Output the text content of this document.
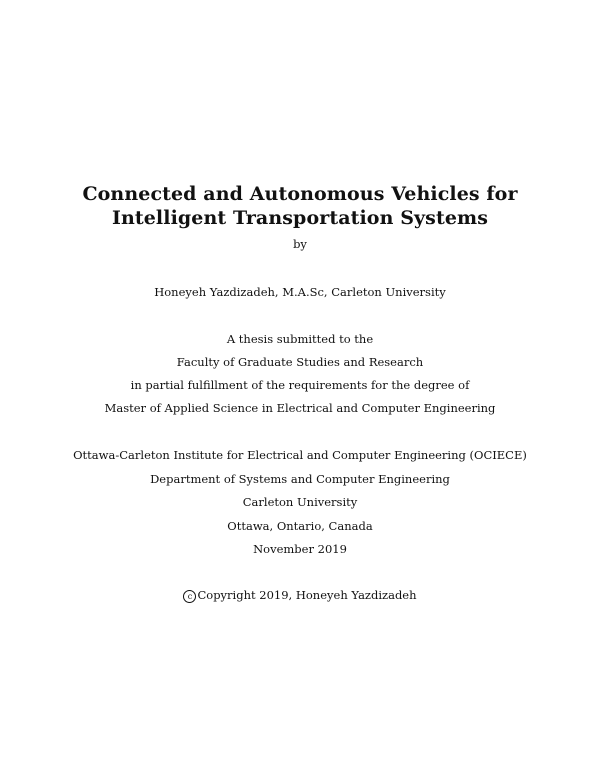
Connected and Autonomous Vehicles for
Intelligent Transportation Systems
by
Honeyeh Yazdizadeh, M.A.Sc, Carleton University
A thesis submitted to the
Faculty of Graduate Studies and Research
in partial fulfillment of the requirements for the degree of
Master of Applied Science in Electrical and Computer Engineering
Ottawa-Carleton Institute for Electrical and Computer Engineering (OCIECE)
Department of Systems and Computer Engineering
Carleton University
Ottawa, Ontario, Canada
November 2019
c Copyright 2019, Honeyeh Yazdizadeh
